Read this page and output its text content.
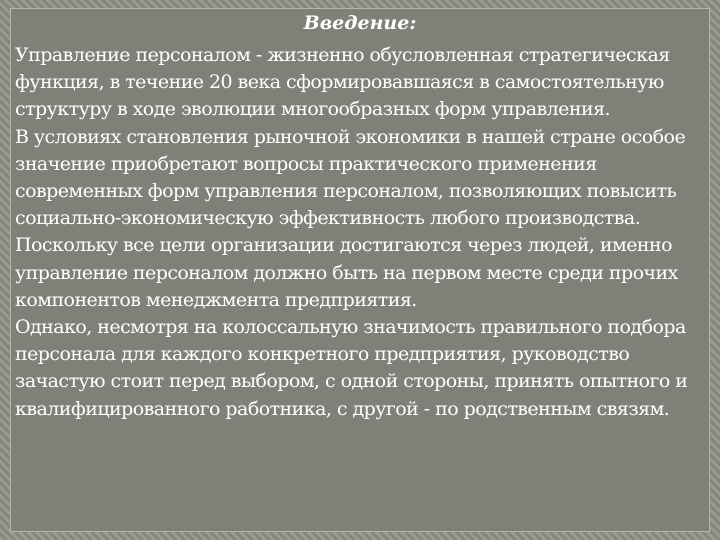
Введение:

Управление персоналом - жизненно обусловленная стратегическая функция, в течение 20 века сформировавшаяся в самостоятельную структуру в ходе эволюции многообразных форм управления.

В условиях становления рыночной экономики в нашей стране особое значение приобретают вопросы практического применения современных форм управления персоналом, позволяющих повысить социально-экономическую эффективность любого производства.

Поскольку все цели организации достигаются через людей, именно управление персоналом должно быть на первом месте среди прочих компонентов менеджмента предприятия.

Однако, несмотря на колоссальную значимость правильного подбора персонала для каждого конкретного предприятия, руководство зачастую стоит перед выбором, с одной стороны, принять опытного и квалифицированного работника, с другой - по родственным связям.
